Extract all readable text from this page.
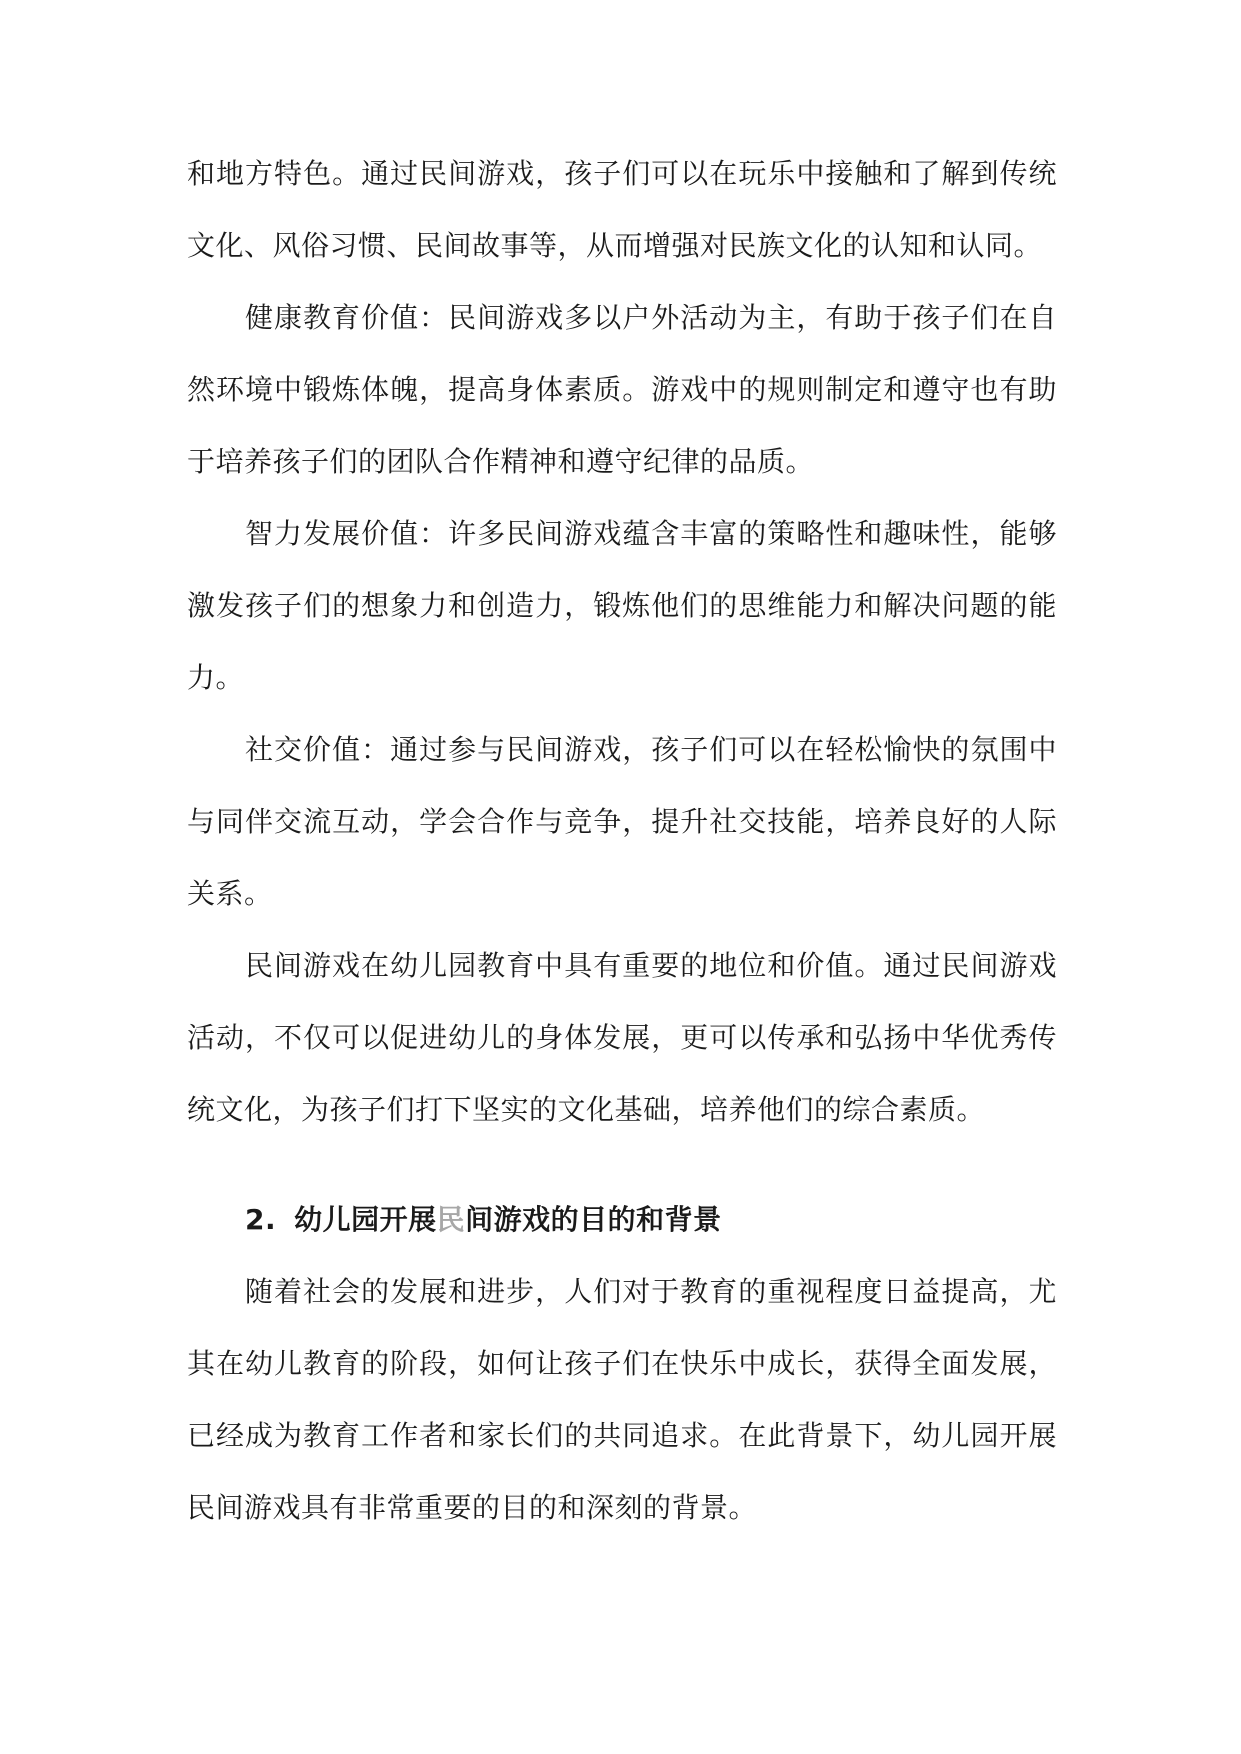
和地方特色。通过民间游戏，孩子们可以在玩乐中接触和了解到传统文化、风俗习惯、民间故事等，从而增强对民族文化的认知和认同。

健康教育价值：民间游戏多以户外活动为主，有助于孩子们在自然环境中锻炼体魄，提高身体素质。游戏中的规则制定和遵守也有助于培养孩子们的团队合作精神和遵守纪律的品质。

智力发展价值：许多民间游戏蕴含丰富的策略性和趣味性，能够激发孩子们的想象力和创造力，锻炼他们的思维能力和解决问题的能力。

社交价值：通过参与民间游戏，孩子们可以在轻松愉快的氛围中与同伴交流互动，学会合作与竞争，提升社交技能，培养良好的人际关系。

民间游戏在幼儿园教育中具有重要的地位和价值。通过民间游戏活动，不仅可以促进幼儿的身体发展，更可以传承和弘扬中华优秀传统文化，为孩子们打下坚实的文化基础，培养他们的综合素质。

2. 幼儿园开展民间游戏的目的和背景

随着社会的发展和进步，人们对于教育的重视程度日益提高，尤其在幼儿教育的阶段，如何让孩子们在快乐中成长，获得全面发展，已经成为教育工作者和家长们的共同追求。在此背景下，幼儿园开展民间游戏具有非常重要的目的和深刻的背景。
